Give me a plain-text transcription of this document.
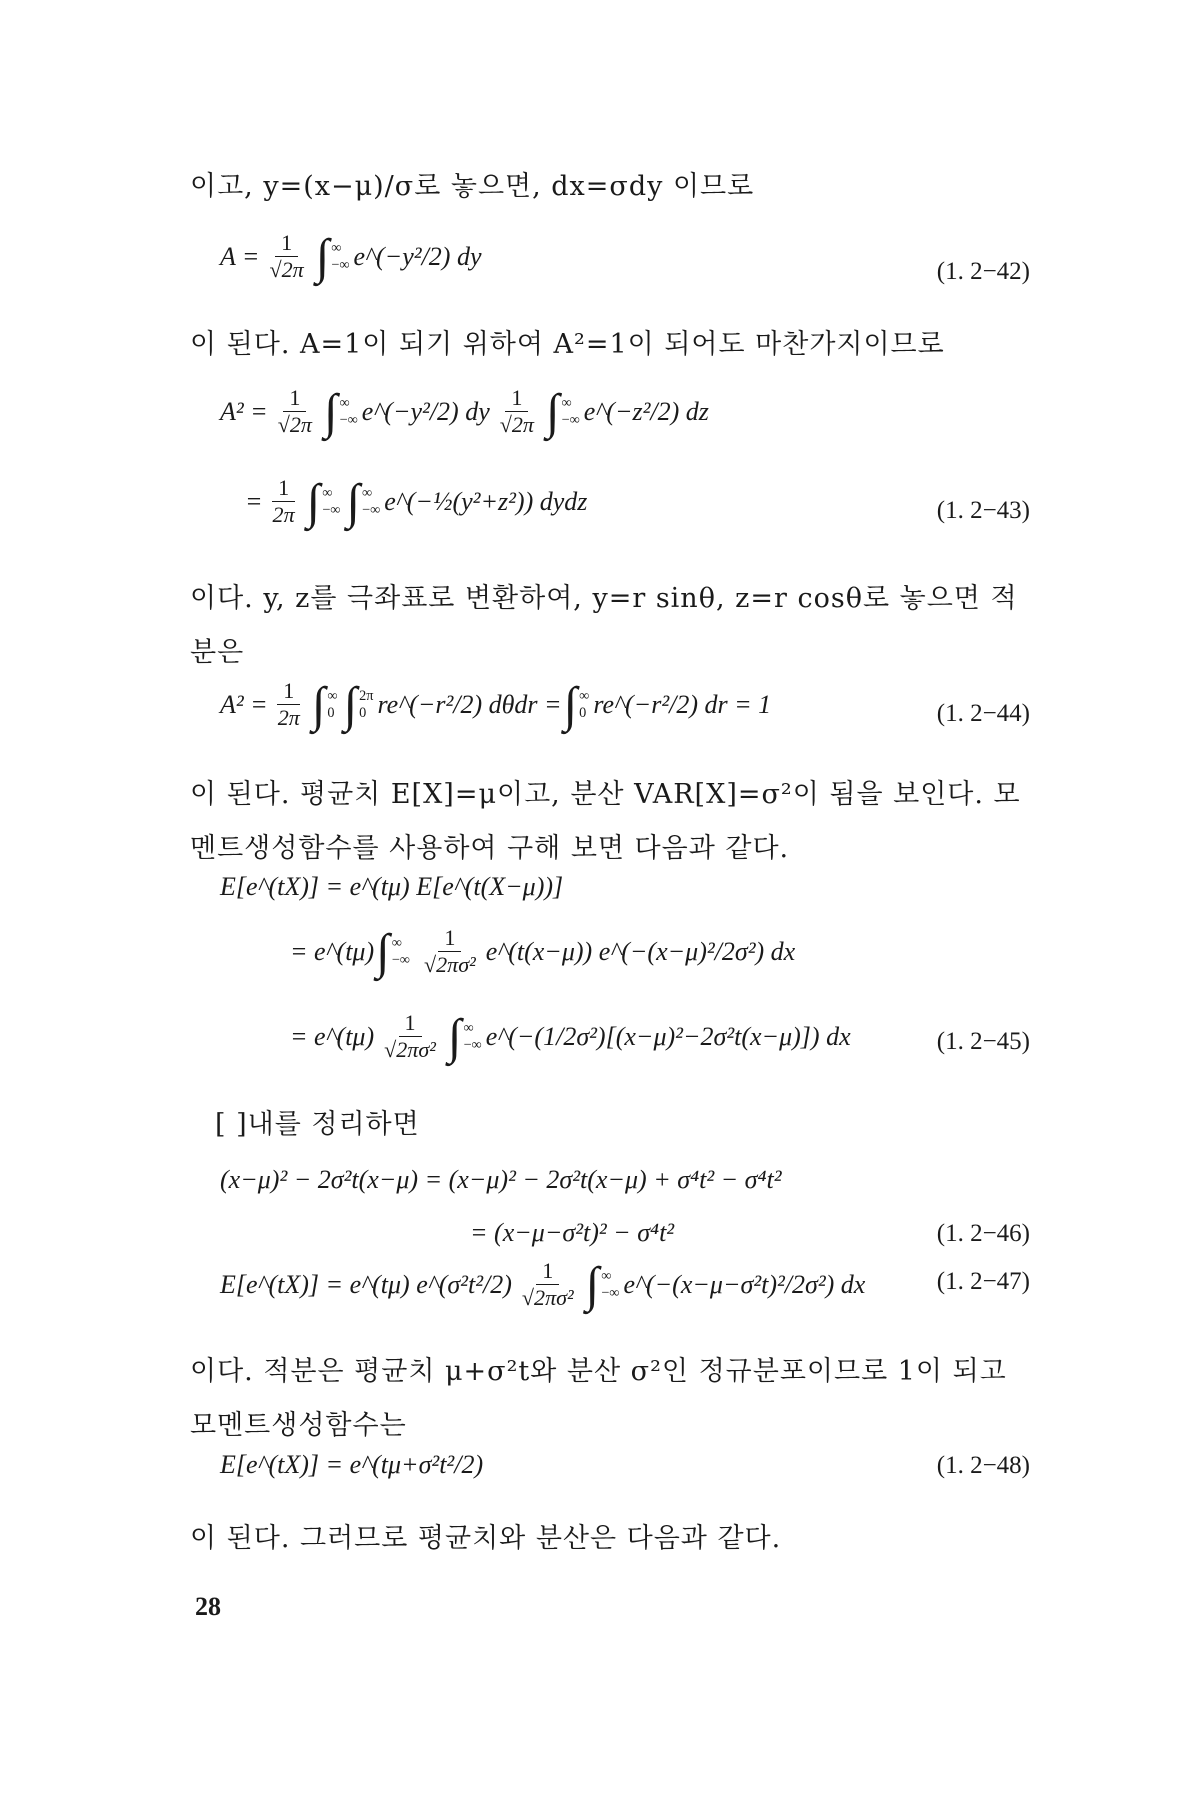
이고, y=(x−μ)/σ로 놓으면, dx=σdy 이므로
$A = \frac{1}{√2\pi}$ ∫ ∞
−∞ e^(−y²/2) dy
(1. 2−42)
이 된다. A=1이 되기 위하여 A²=1이 되어도 마찬가지이므로
$A^2 = \frac{1}{√2\pi}$ ∫ ∞
−∞ e^(−y²/2) dy $\frac{1}{√2\pi}$ ∫ ∞
−∞ e^(−z²/2) dz
= $\frac{1}{2\pi}$ ∫ ∞
−∞ ∫ ∞
−∞ e^(−½(y²+z²)) dydz	(1. 2−43)
이다. y, z를 극좌표로 변환하여, y=r sinθ, z=r cosθ로 놓으면 적분은
$A^2 = \frac{1}{2\pi}$ ∫ ∞
0 ∫ 2π
0 re^(−r²/2) dθdr = ∫ ∞
0 re^(−r²/2) dr = 1	(1. 2−44)
이 된다. 평균치 E[X]=μ이고, 분산 VAR[X]=σ²이 됨을 보인다. 모멘트생성함수를 사용하여 구해 보면 다음과 같다.
E[e^(tX)] = e^(tμ) E[e^(t(X−μ))]
= e^(tμ) ∫ ∞
−∞ $\frac{1}{\text{√2πσ²}}$ e^(t(x−μ)) e^(−(x−μ)²/2σ²) dx
= e^(tμ) $\frac{1}{\text{√2πσ²}}$ ∫ ∞
−∞ e^(−(1/2σ²)[(x−μ)²−2σ²t(x−μ)]) dx	(1. 2−45)
[ ]내를 정리하면
(x−μ)² − 2σ²t(x−μ) = (x−μ)² − 2σ²t(x−μ) + σ⁴t² − σ⁴t²
= (x−μ−σ²t)² − σ⁴t²	(1. 2−46)
E[e^(tX)] = e^(tμ) e^(σ²t²/2) $\frac{1}{\text{√2πσ²}}$ ∫ ∞
−∞ e^(−(x−μ−σ²t)²/2σ²) dx	(1. 2−47)
이다. 적분은 평균치 μ+σ²t와 분산 σ²인 정규분포이므로 1이 되고 모멘트생성함수는
E[e^(tX)] = e^(tμ+σ²t²/2)	(1. 2−48)
이 된다. 그러므로 평균치와 분산은 다음과 같다.
28
